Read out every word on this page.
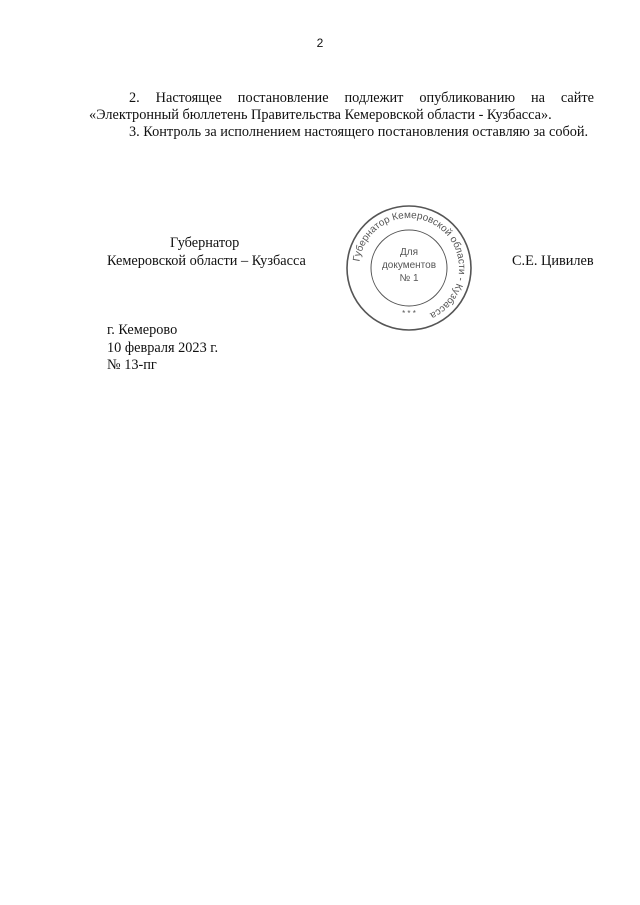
2

2. Настоящее постановление подлежит опубликованию на сайте «Электронный бюллетень Правительства Кемеровской области - Кузбасса».

3. Контроль за исполнением настоящего постановления оставляю за собой.

Губернатор
Кемеровской области – Кузбасса	С.Е. Цивилев
Губернатор Кемеровской области - Кузбасса
Для
документов
№ 1
* * *
г. Кемерово
10 февраля 2023 г.
№ 13-пг
